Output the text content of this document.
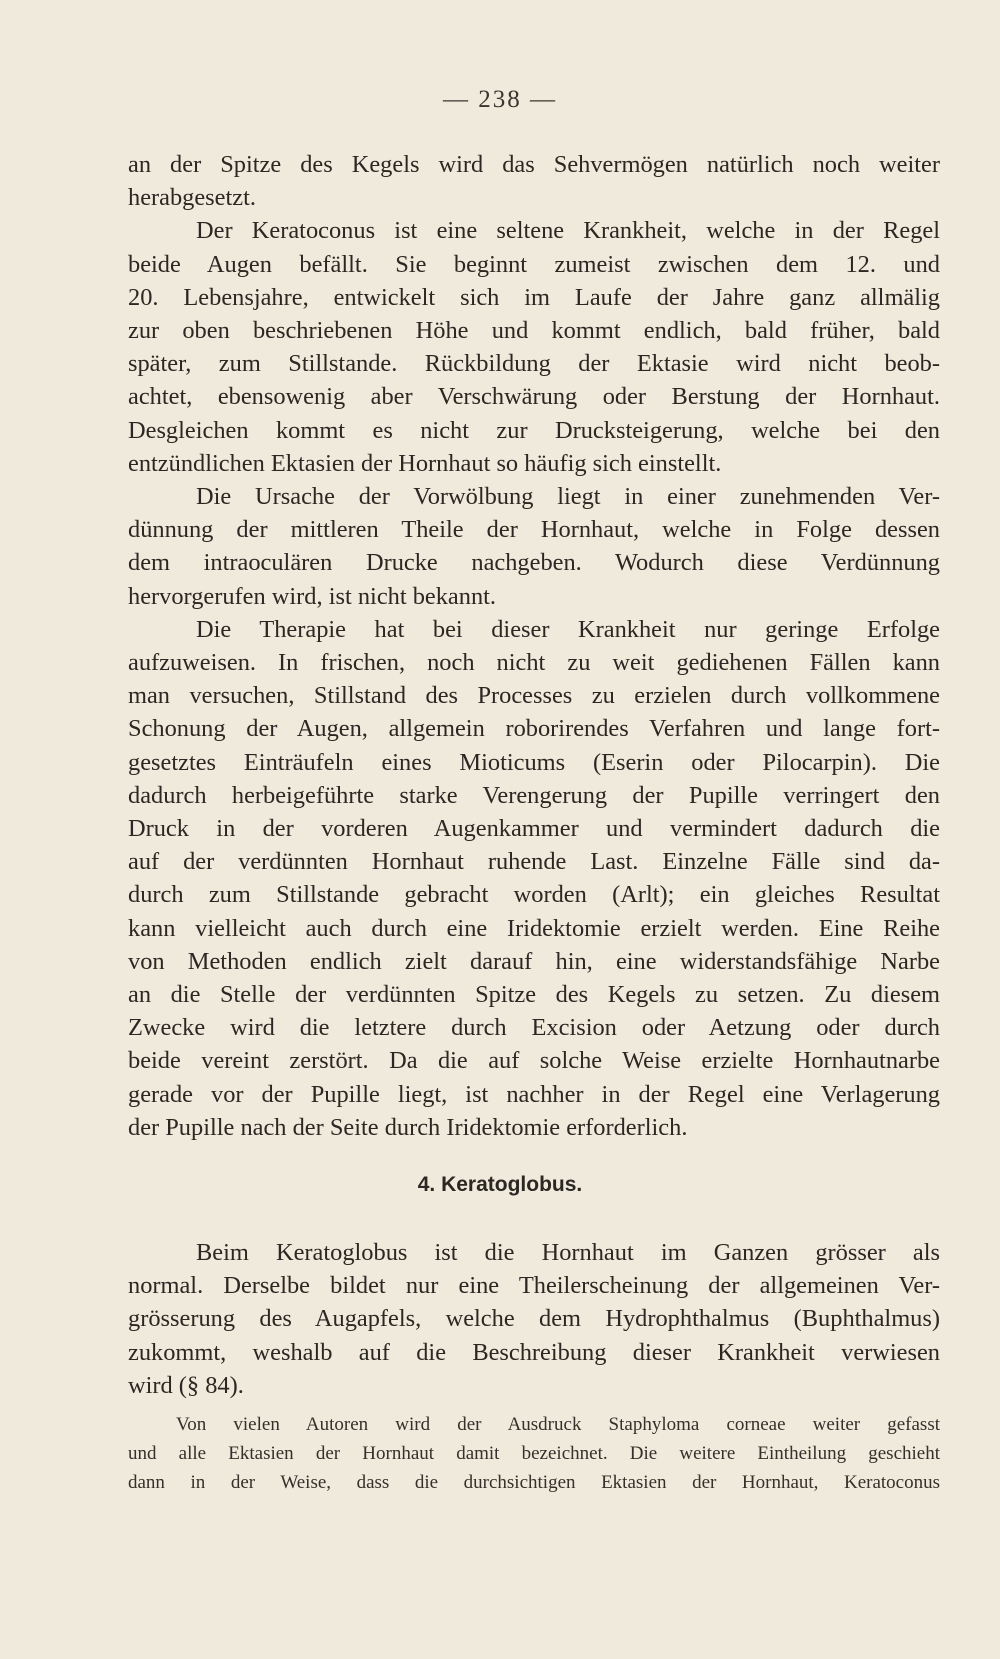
— 238 —
an der Spitze des Kegels wird das Sehvermögen natürlich noch weiter
herabgesetzt.
Der Keratoconus ist eine seltene Krankheit, welche in der Regel
beide Augen befällt. Sie beginnt zumeist zwischen dem 12. und
20. Lebensjahre, entwickelt sich im Laufe der Jahre ganz allmälig
zur oben beschriebenen Höhe und kommt endlich, bald früher, bald
später, zum Stillstande. Rückbildung der Ektasie wird nicht beob-
achtet, ebensowenig aber Verschwärung oder Berstung der Hornhaut.
Desgleichen kommt es nicht zur Drucksteigerung, welche bei den
entzündlichen Ektasien der Hornhaut so häufig sich einstellt.
Die Ursache der Vorwölbung liegt in einer zunehmenden Ver-
dünnung der mittleren Theile der Hornhaut, welche in Folge dessen
dem intraoculären Drucke nachgeben. Wodurch diese Verdünnung
hervorgerufen wird, ist nicht bekannt.
Die Therapie hat bei dieser Krankheit nur geringe Erfolge
aufzuweisen. In frischen, noch nicht zu weit gediehenen Fällen kann
man versuchen, Stillstand des Processes zu erzielen durch vollkommene
Schonung der Augen, allgemein roborirendes Verfahren und lange fort-
gesetztes Einträufeln eines Mioticums (Eserin oder Pilocarpin). Die
dadurch herbeigeführte starke Verengerung der Pupille verringert den
Druck in der vorderen Augenkammer und vermindert dadurch die
auf der verdünnten Hornhaut ruhende Last. Einzelne Fälle sind da-
durch zum Stillstande gebracht worden (Arlt); ein gleiches Resultat
kann vielleicht auch durch eine Iridektomie erzielt werden. Eine Reihe
von Methoden endlich zielt darauf hin, eine widerstandsfähige Narbe
an die Stelle der verdünnten Spitze des Kegels zu setzen. Zu diesem
Zwecke wird die letztere durch Excision oder Aetzung oder durch
beide vereint zerstört. Da die auf solche Weise erzielte Hornhautnarbe
gerade vor der Pupille liegt, ist nachher in der Regel eine Verlagerung
der Pupille nach der Seite durch Iridektomie erforderlich.
4. Keratoglobus.
Beim Keratoglobus ist die Hornhaut im Ganzen grösser als
normal. Derselbe bildet nur eine Theilerscheinung der allgemeinen Ver-
grösserung des Augapfels, welche dem Hydrophthalmus (Buphthalmus)
zukommt, weshalb auf die Beschreibung dieser Krankheit verwiesen
wird (§ 84).
Von vielen Autoren wird der Ausdruck Staphyloma corneae weiter gefasst
und alle Ektasien der Hornhaut damit bezeichnet. Die weitere Eintheilung geschieht
dann in der Weise, dass die durchsichtigen Ektasien der Hornhaut, Keratoconus
